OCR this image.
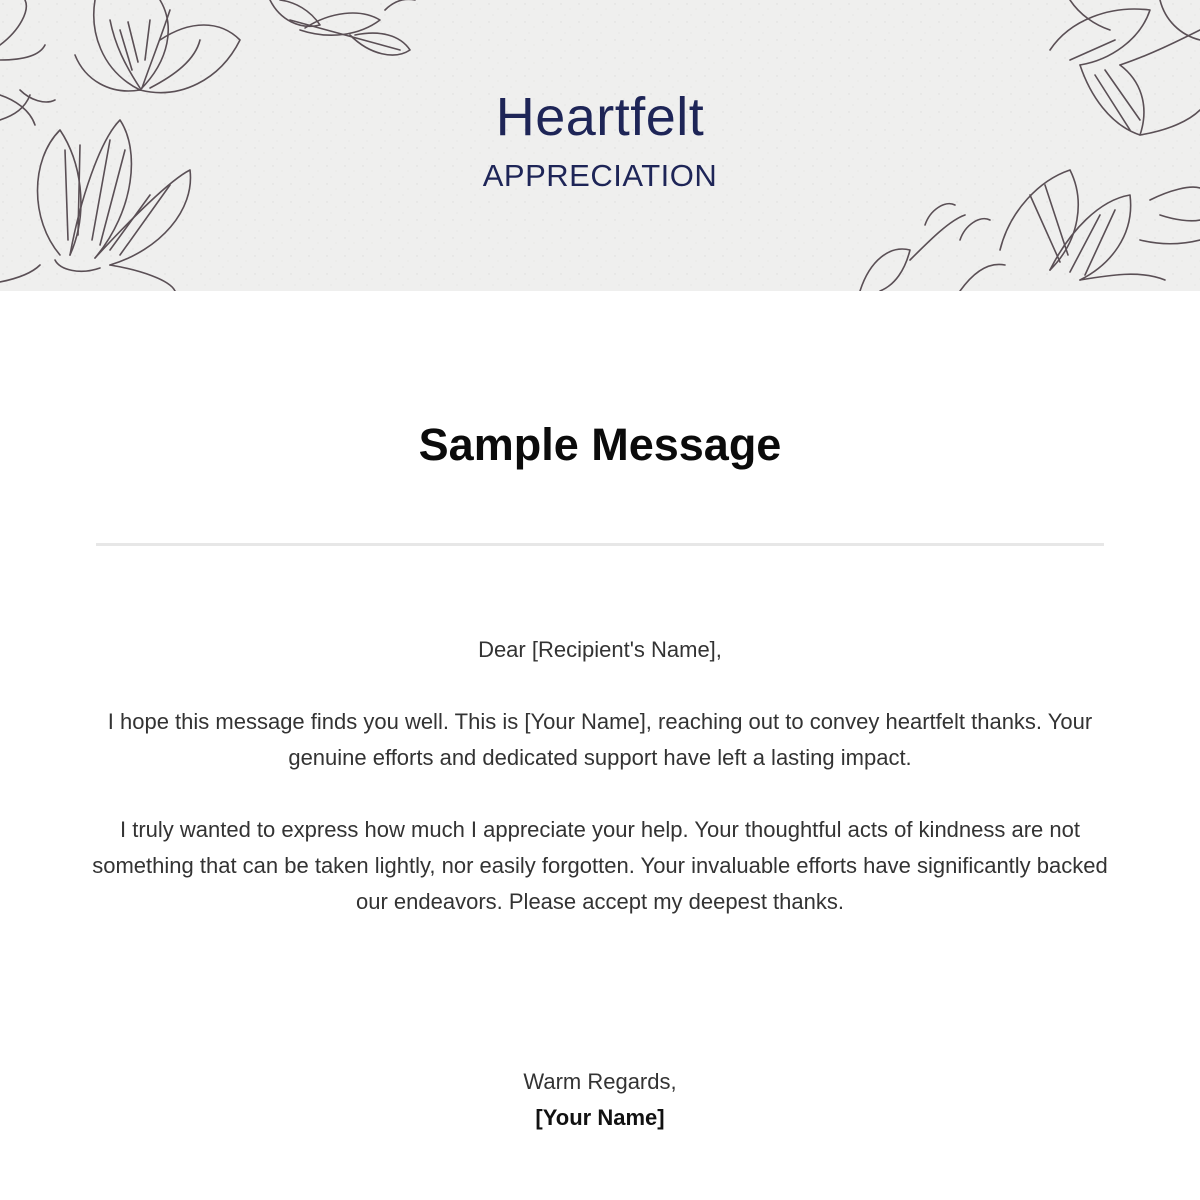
Heartfelt
APPRECIATION
Sample Message

Dear [Recipient's Name],

I hope this message finds you well. This is [Your Name], reaching out to convey heartfelt thanks. Your genuine efforts and dedicated support have left a lasting impact.

I truly wanted to express how much I appreciate your help. Your thoughtful acts of kindness are not something that can be taken lightly, nor easily forgotten. Your invaluable efforts have significantly backed our endeavors. Please accept my deepest thanks.

Warm Regards,

[Your Name]
